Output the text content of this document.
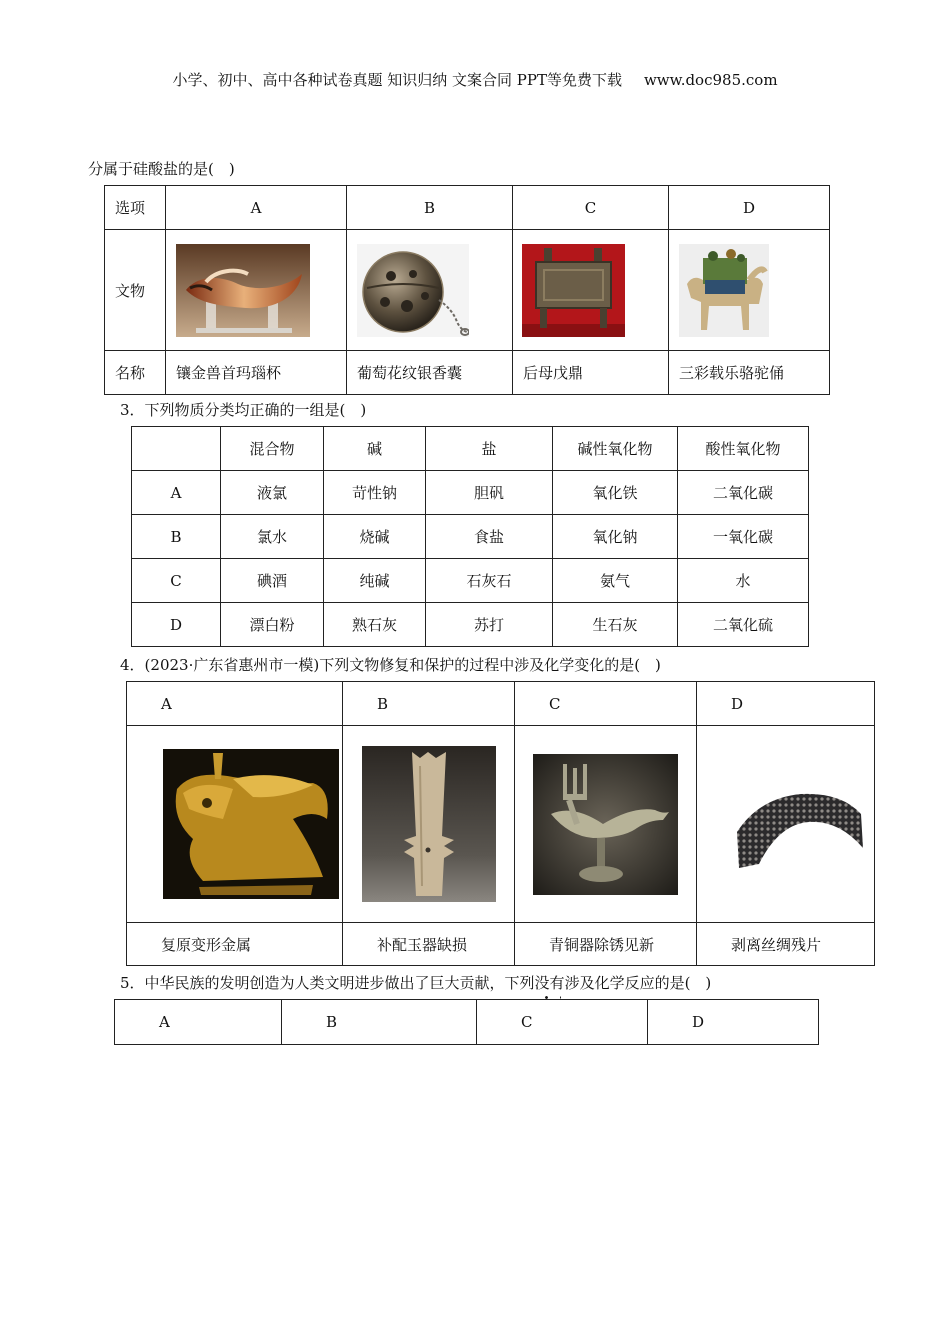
小学、初中、高中各种试卷真题 知识归纳 文案合同 PPT等免费下载 www.doc985.com
分属于硅酸盐的是(　)
选项	A	B	C	D
文物	

名称	镶金兽首玛瑙杯	葡萄花纹银香囊	后母戊鼎	三彩载乐骆驼俑
3．下列物质分类均正确的一组是(　)
	混合物	碱	盐	碱性氧化物	酸性氧化物
A	液氯	苛性钠	胆矾	氧化铁	二氧化碳
B	氯水	烧碱	食盐	氧化钠	一氧化碳
C	碘酒	纯碱	石灰石	氨气	水
D	漂白粉	熟石灰	苏打	生石灰	二氧化硫
4．(2023·广东省惠州市一模)下列文物修复和保护的过程中涉及化学变化的是(　)
A	B	C	D

复原变形金属	补配玉器缺损	青铜器除锈见新	剥离丝绸残片
5．中华民族的发明创造为人类文明进步做出了巨大贡献，下列没有涉及化学反应的是(　)
A	B	C	D
